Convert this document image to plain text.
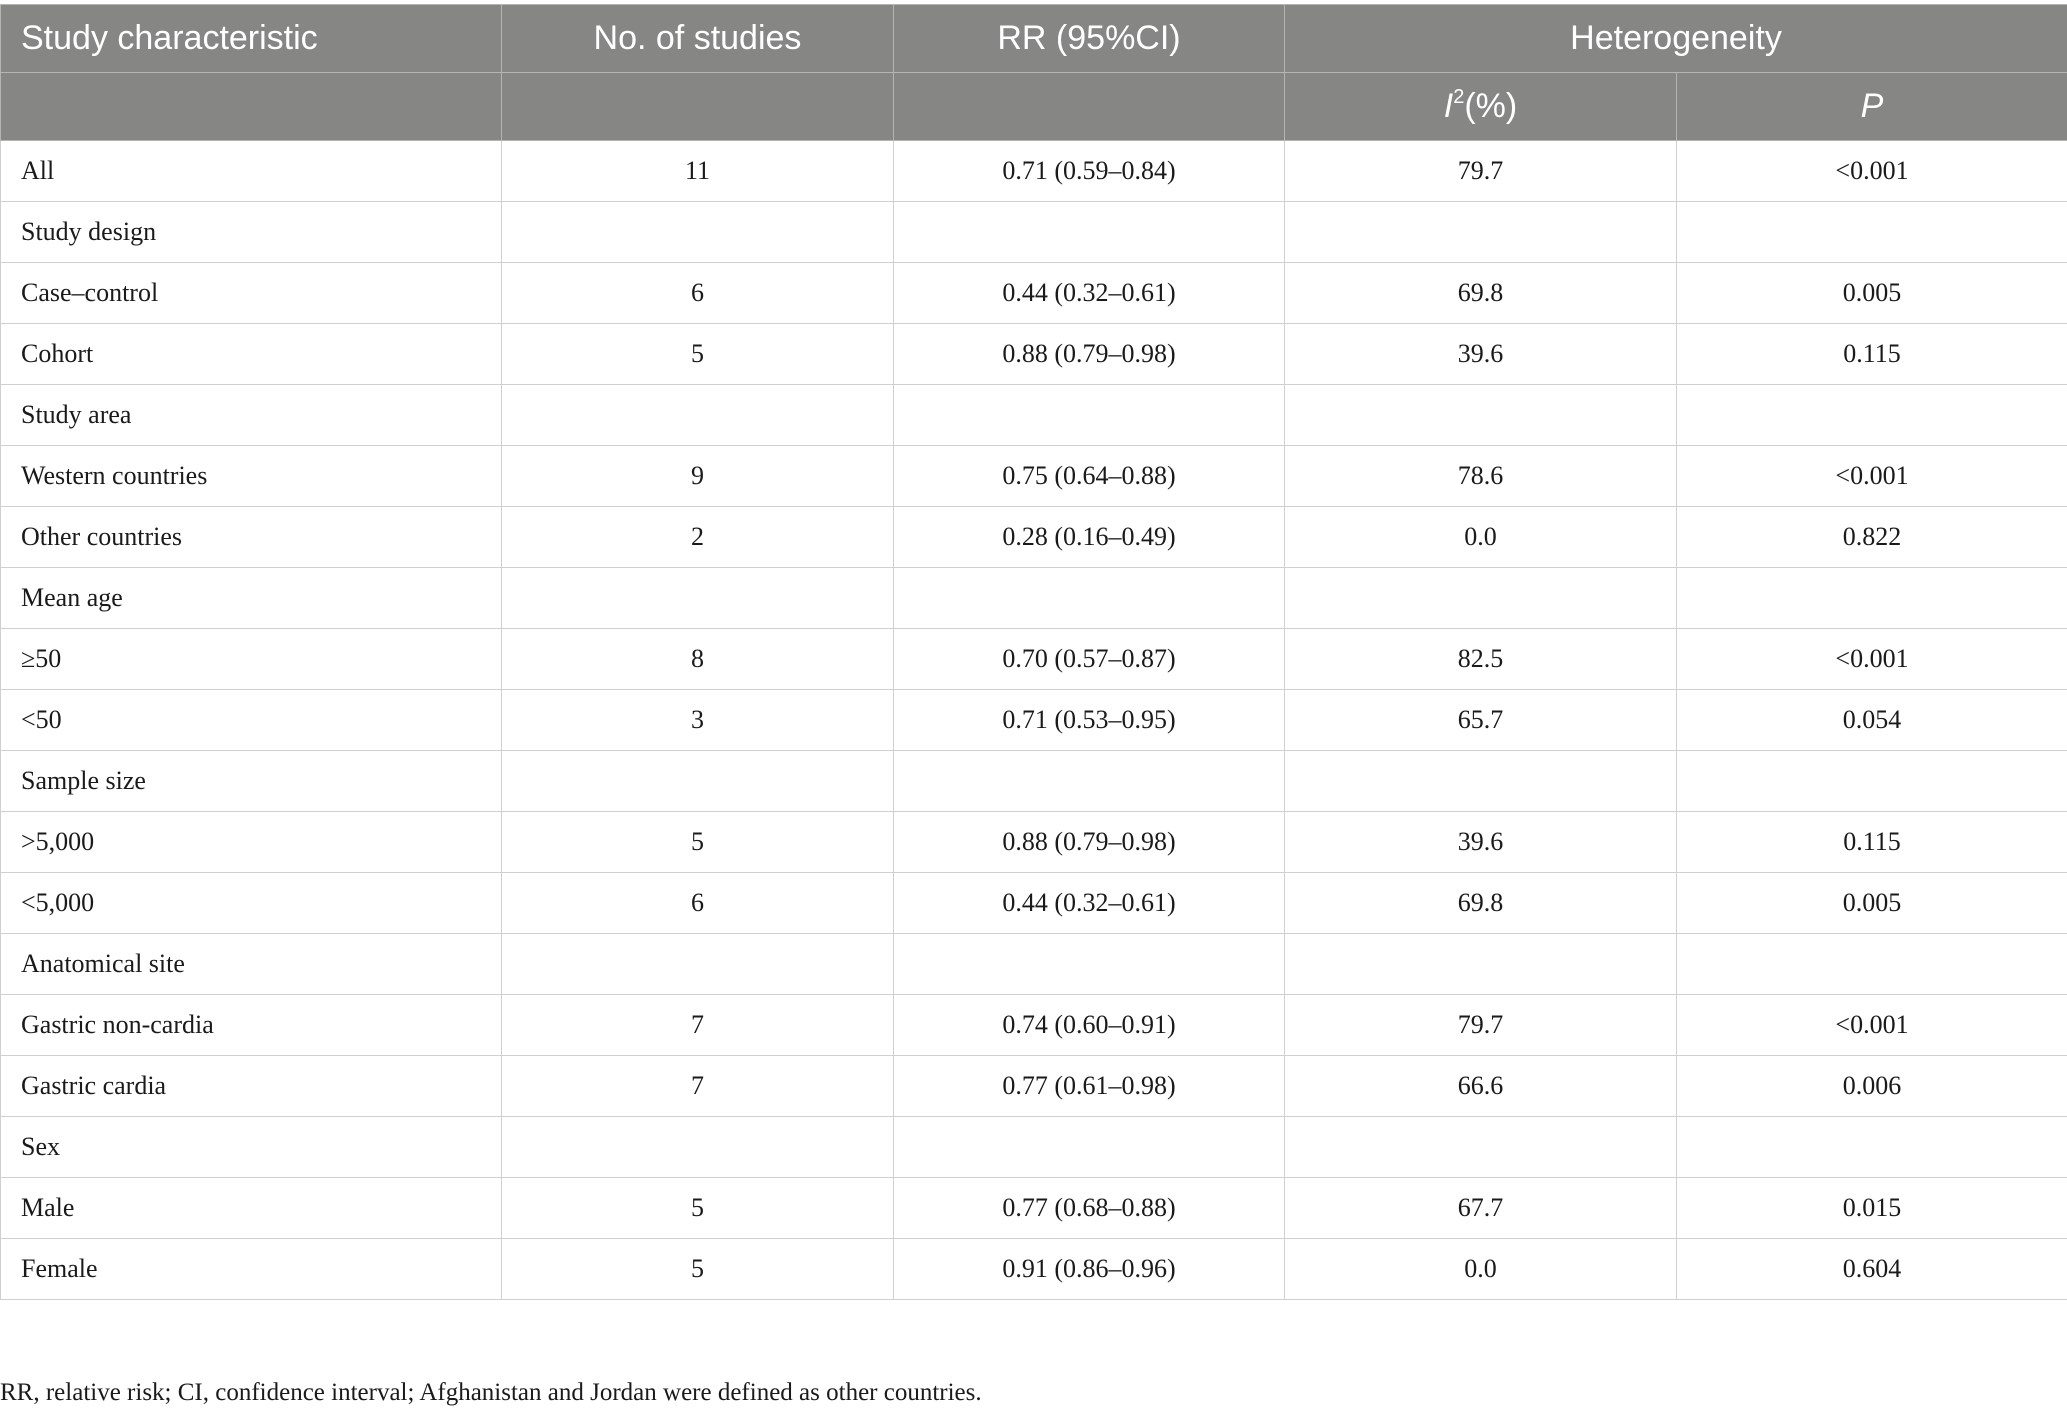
Study characteristic	No. of studies	RR (95%CI)	Heterogeneity	
			$I^2(\%)$	P
All	11	0.71 (0.59–0.84)	79.7	<0.001
Study design				
Case–control	6	0.44 (0.32–0.61)	69.8	0.005
Cohort	5	0.88 (0.79–0.98)	39.6	0.115
Study area				
Western countries	9	0.75 (0.64–0.88)	78.6	<0.001
Other countries	2	0.28 (0.16–0.49)	0.0	0.822
Mean age				
≥50	8	0.70 (0.57–0.87)	82.5	<0.001
<50	3	0.71 (0.53–0.95)	65.7	0.054
Sample size				
>5,000	5	0.88 (0.79–0.98)	39.6	0.115
<5,000	6	0.44 (0.32–0.61)	69.8	0.005
Anatomical site				
Gastric non-cardia	7	0.74 (0.60–0.91)	79.7	<0.001
Gastric cardia	7	0.77 (0.61–0.98)	66.6	0.006
Sex				
Male	5	0.77 (0.68–0.88)	67.7	0.015
Female	5	0.91 (0.86–0.96)	0.0	0.604
RR, relative risk; CI, confidence interval; Afghanistan and Jordan were defined as other countries.
